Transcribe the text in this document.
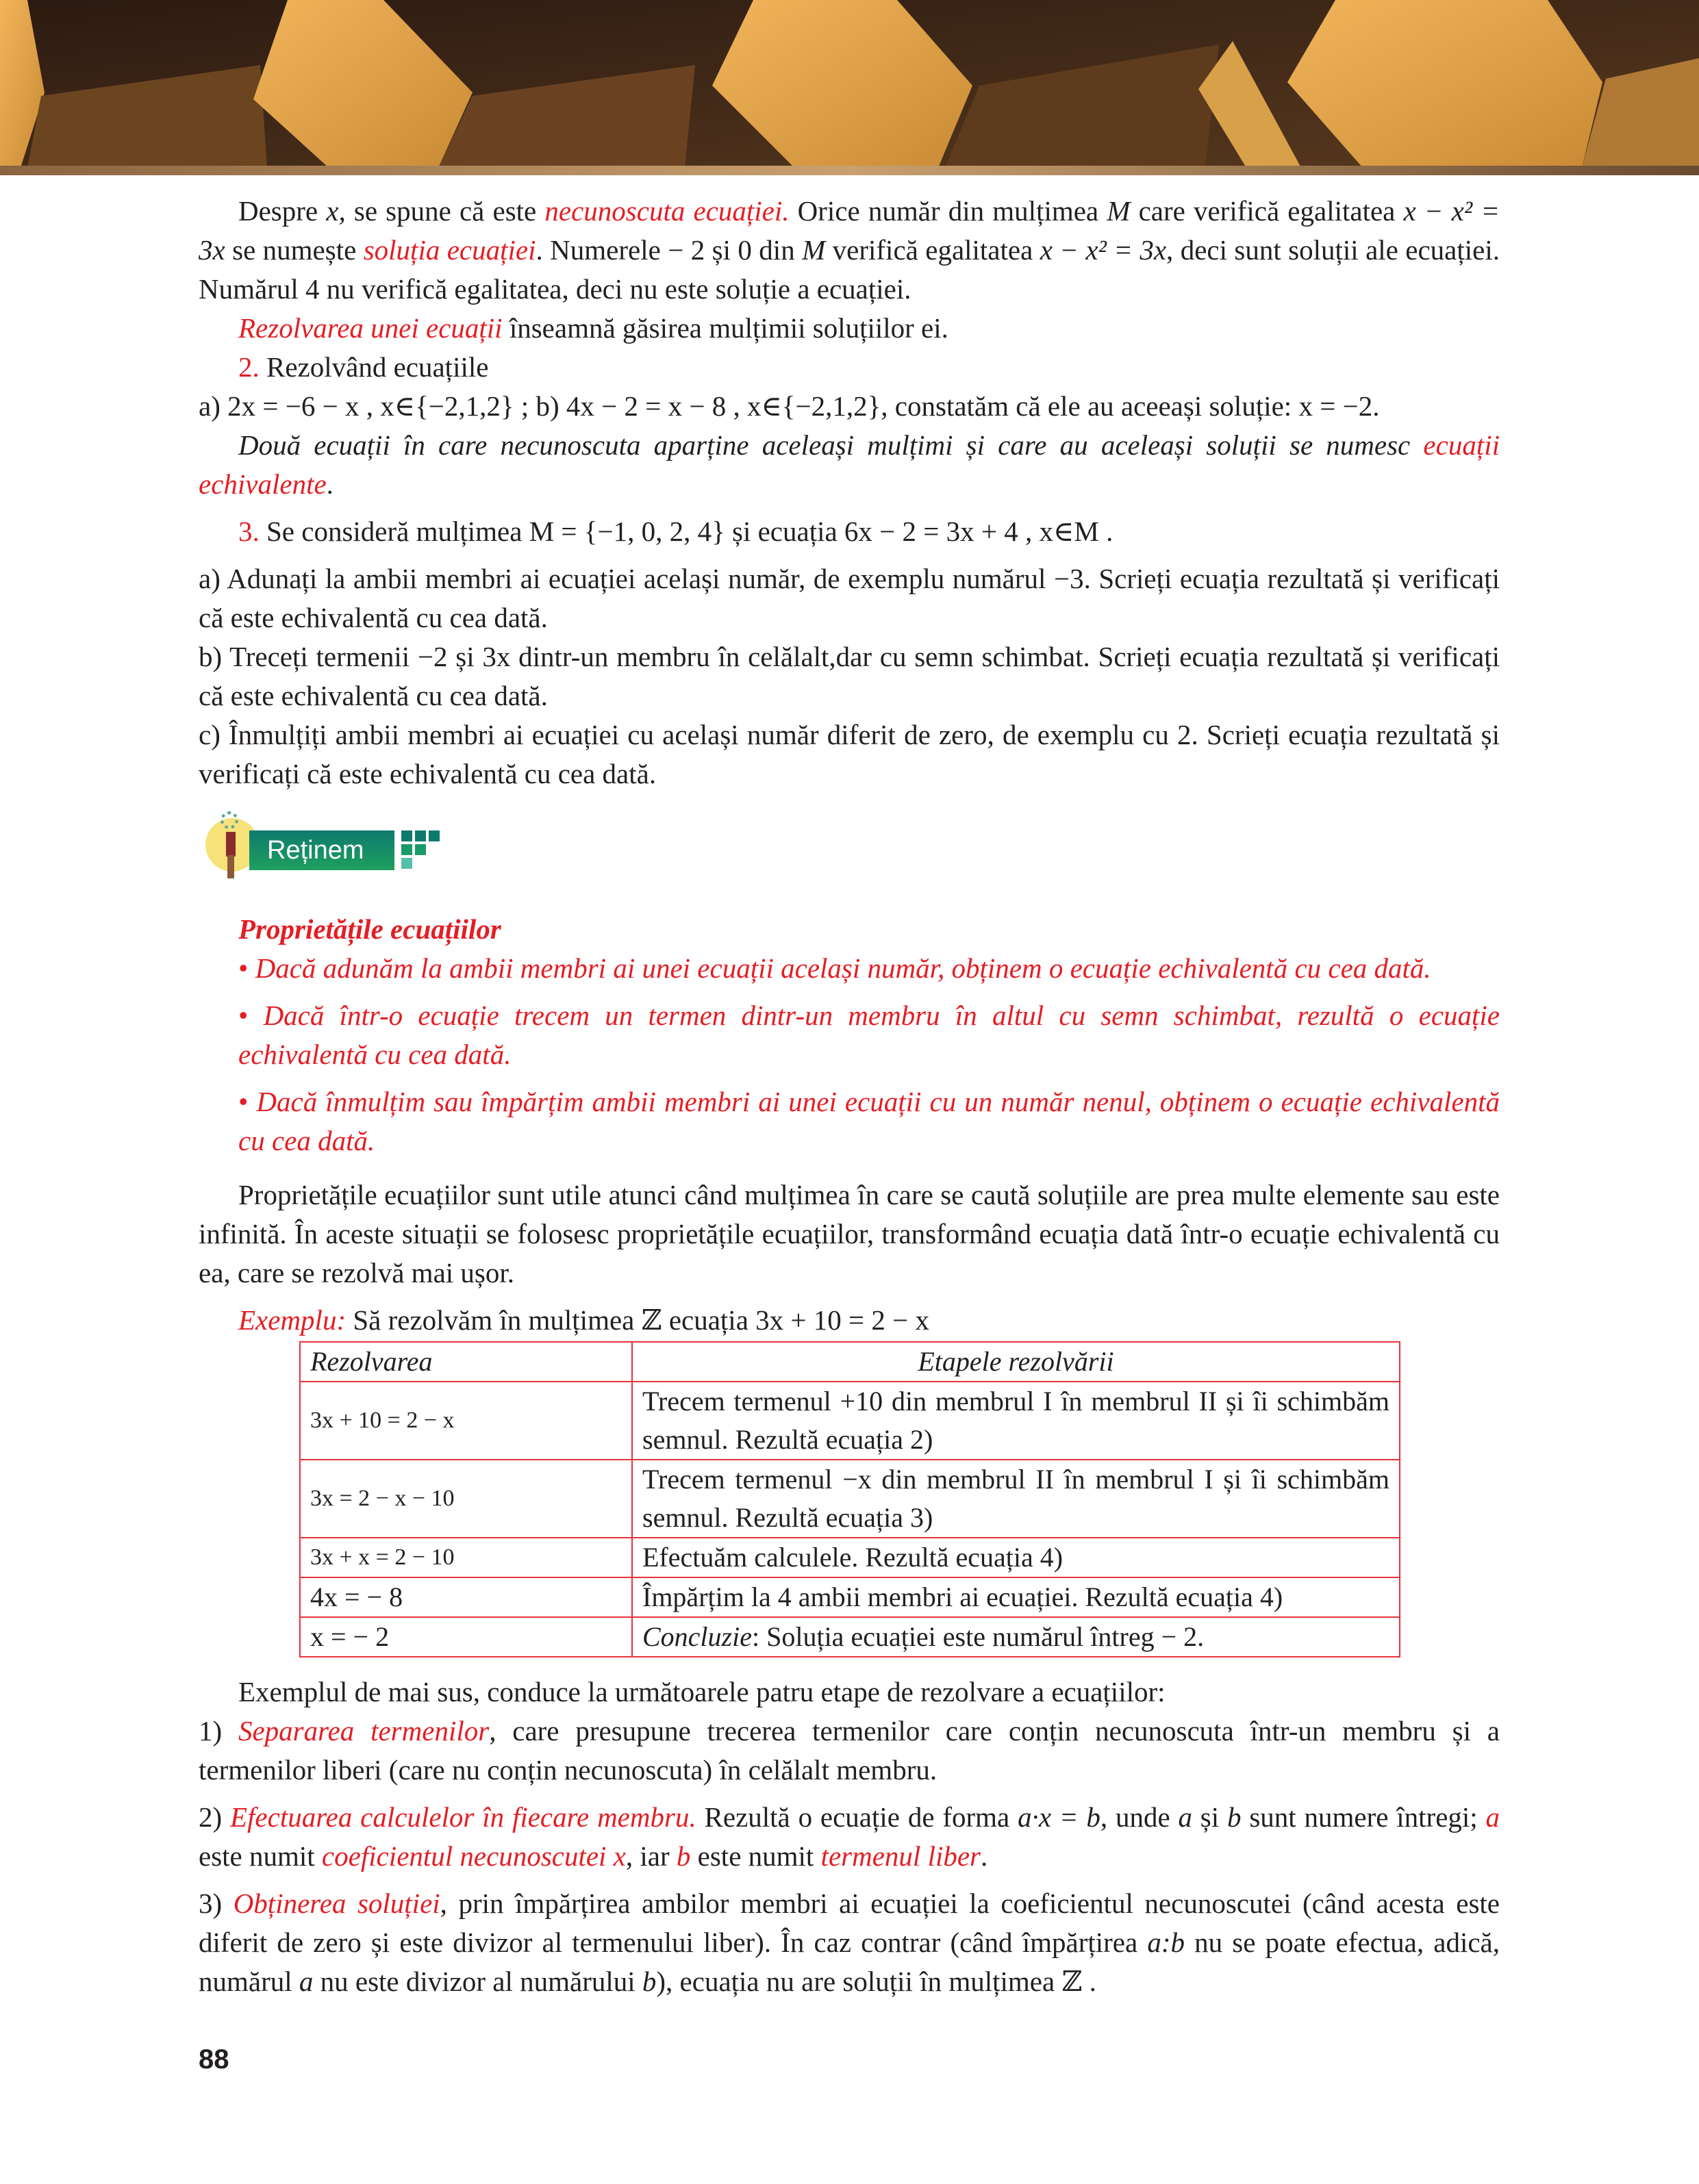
Despre x, se spune că este necunoscuta ecuației. Orice număr din mulțimea M care verifică egalitatea x − x² = 3x se numește soluția ecuației. Numerele − 2 și 0 din M verifică egalitatea x − x² = 3x, deci sunt soluții ale ecuației. Numărul 4 nu verifică egalitatea, deci nu este soluție a ecuației.

Rezolvarea unei ecuații înseamnă găsirea mulțimii soluțiilor ei.

2. Rezolvând ecuațiile

a) 2x = −6 − x , x∈{−2,1,2} ; b) 4x − 2 = x − 8 , x∈{−2,1,2}, constatăm că ele au aceeași soluție: x = −2.

Două ecuații în care necunoscuta aparține aceleași mulțimi și care au aceleași soluții se numesc ecuații echivalente.

3. Se consideră mulțimea M = {−1, 0, 2, 4} și ecuația 6x − 2 = 3x + 4 , x∈M .

a) Adunați la ambii membri ai ecuației același număr, de exemplu numărul −3. Scrieți ecuația rezultată și verificați că este echivalentă cu cea dată.

b) Treceți termenii −2 și 3x dintr-un membru în celălalt,dar cu semn schimbat. Scrieți ecuația rezultată și verificați că este echivalentă cu cea dată.

c) Înmulțiți ambii membri ai ecuației cu același număr diferit de zero, de exemplu cu 2. Scrieți ecuația rezultată și verificați că este echivalentă cu cea dată.

Reținem

Proprietățile ecuațiilor

• Dacă adunăm la ambii membri ai unei ecuații același număr, obținem o ecuație echivalentă cu cea dată.

• Dacă într-o ecuație trecem un termen dintr-un membru în altul cu semn schimbat, rezultă o ecuație echivalentă cu cea dată.

• Dacă înmulțim sau împărțim ambii membri ai unei ecuații cu un număr nenul, obținem o ecuație echivalentă cu cea dată.

Proprietățile ecuațiilor sunt utile atunci când mulțimea în care se caută soluțiile are prea multe elemente sau este infinită. În aceste situații se folosesc proprietățile ecuațiilor, transformând ecuația dată într-o ecuație echivalentă cu ea, care se rezolvă mai ușor.

Exemplu: Să rezolvăm în mulțimea ℤ ecuația 3x + 10 = 2 − x

Rezolvarea	Etapele rezolvării
3x + 10 = 2 − x	Trecem termenul +10 din membrul I în membrul II și îi schimbăm semnul. Rezultă ecuația 2)
3x = 2 − x − 10	Trecem termenul −x din membrul II în membrul I și îi schimbăm semnul. Rezultă ecuația 3)
3x + x = 2 − 10	Efectuăm calculele. Rezultă ecuația 4)
4x = − 8	Împărțim la 4 ambii membri ai ecuației. Rezultă ecuația 4)
x = − 2	Concluzie: Soluția ecuației este numărul întreg − 2.

Exemplul de mai sus, conduce la următoarele patru etape de rezolvare a ecuațiilor:

1) Separarea termenilor, care presupune trecerea termenilor care conțin necunoscuta într-un membru și a termenilor liberi (care nu conțin necunoscuta) în celălalt membru.

2) Efectuarea calculelor în fiecare membru. Rezultă o ecuație de forma a·x = b, unde a și b sunt numere întregi; a este numit coeficientul necunoscutei x, iar b este numit termenul liber.

3) Obținerea soluției, prin împărțirea ambilor membri ai ecuației la coeficientul necunoscutei (când acesta este diferit de zero și este divizor al termenului liber). În caz contrar (când împărțirea a:b nu se poate efectua, adică, numărul a nu este divizor al numărului b), ecuația nu are soluții în mulțimea ℤ .

88
